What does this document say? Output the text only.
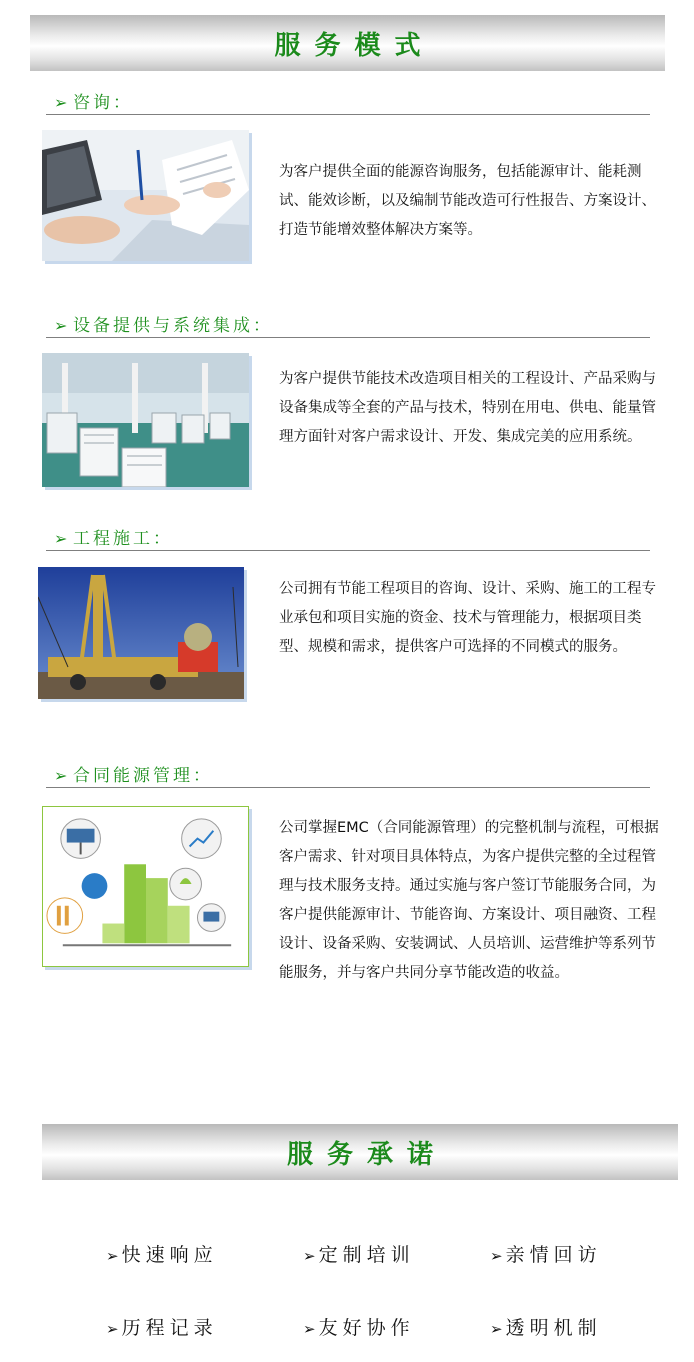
服务模式
➢ 咨询：

为客户提供全面的能源咨询服务，包括能源审计、能耗测试、能效诊断，以及编制节能改造可行性报告、方案设计、打造节能增效整体解决方案等。

➢ 设备提供与系统集成：

为客户提供节能技术改造项目相关的工程设计、产品采购与设备集成等全套的产品与技术，特别在用电、供电、能量管理方面针对客户需求设计、开发、集成完美的应用系统。

➢ 工程施工：

公司拥有节能工程项目的咨询、设计、采购、施工的工程专业承包和项目实施的资金、技术与管理能力，根据项目类型、规模和需求，提供客户可选择的不同模式的服务。

➢ 合同能源管理：

公司掌握EMC（合同能源管理）的完整机制与流程，可根据客户需求、针对项目具体特点，为客户提供完整的全过程管理与技术服务支持。通过实施与客户签订节能服务合同，为客户提供能源审计、节能咨询、方案设计、项目融资、工程设计、设备采购、安装调试、人员培训、运营维护等系列节能服务，并与客户共同分享节能改造的收益。

服务承诺
➢ 快速响应	➢ 定制培训	➢ 亲情回访
➢ 历程记录	➢ 友好协作	➢ 透明机制
